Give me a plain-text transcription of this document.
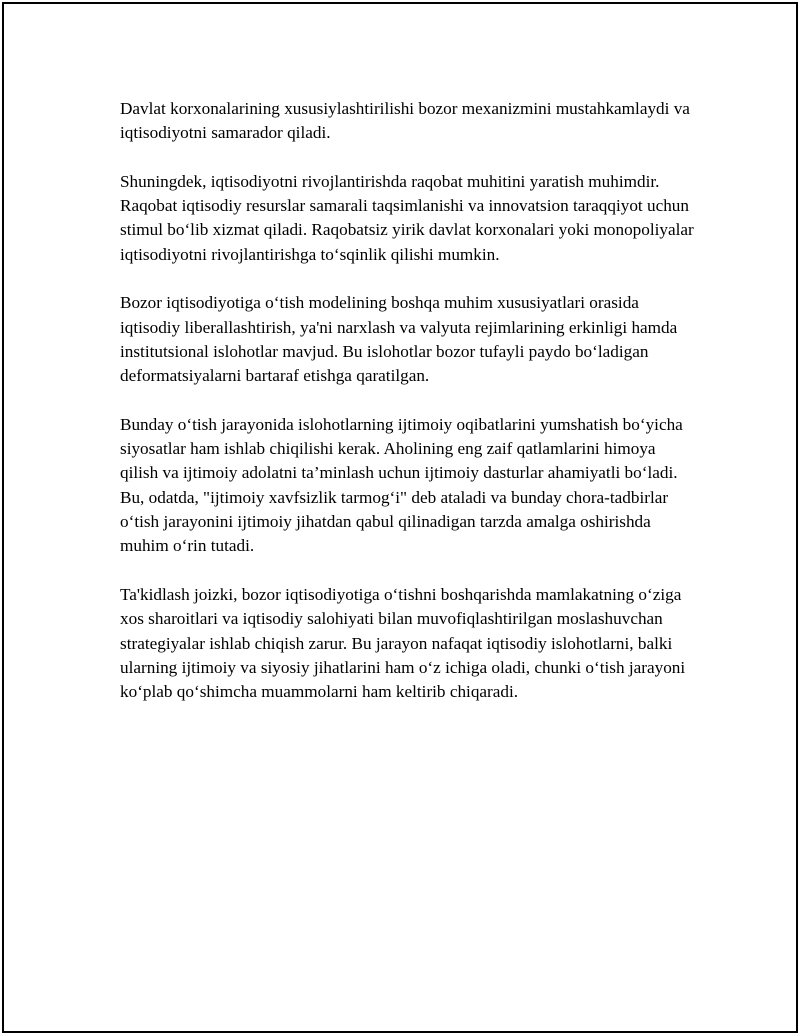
Davlat korxonalarining xususiylashtirilishi bozor mexanizmini mustahkamlaydi va iqtisodiyotni samarador qiladi.

Shuningdek, iqtisodiyotni rivojlantirishda raqobat muhitini yaratish muhimdir. Raqobat iqtisodiy resurslar samarali taqsimlanishi va innovatsion taraqqiyot uchun stimul bo‘lib xizmat qiladi. Raqobatsiz yirik davlat korxonalari yoki monopoliyalar iqtisodiyotni rivojlantirishga to‘sqinlik qilishi mumkin.

Bozor iqtisodiyotiga o‘tish modelining boshqa muhim xususiyatlari orasida iqtisodiy liberallashtirish, ya'ni narxlash va valyuta rejimlarining erkinligi hamda institutsional islohotlar mavjud. Bu islohotlar bozor tufayli paydo bo‘ladigan deformatsiyalarni bartaraf etishga qaratilgan.

Bunday o‘tish jarayonida islohotlarning ijtimoiy oqibatlarini yumshatish bo‘yicha siyosatlar ham ishlab chiqilishi kerak. Aholining eng zaif qatlamlarini himoya qilish va ijtimoiy adolatni ta’minlash uchun ijtimoiy dasturlar ahamiyatli bo‘ladi. Bu, odatda, "ijtimoiy xavfsizlik tarmog‘i" deb ataladi va bunday chora-tadbirlar o‘tish jarayonini ijtimoiy jihatdan qabul qilinadigan tarzda amalga oshirishda muhim o‘rin tutadi.

Ta'kidlash joizki, bozor iqtisodiyotiga o‘tishni boshqarishda mamlakatning o‘ziga xos sharoitlari va iqtisodiy salohiyati bilan muvofiqlashtirilgan moslashuvchan strategiyalar ishlab chiqish zarur. Bu jarayon nafaqat iqtisodiy islohotlarni, balki ularning ijtimoiy va siyosiy jihatlarini ham o‘z ichiga oladi, chunki o‘tish jarayoni ko‘plab qo‘shimcha muammolarni ham keltirib chiqaradi.
